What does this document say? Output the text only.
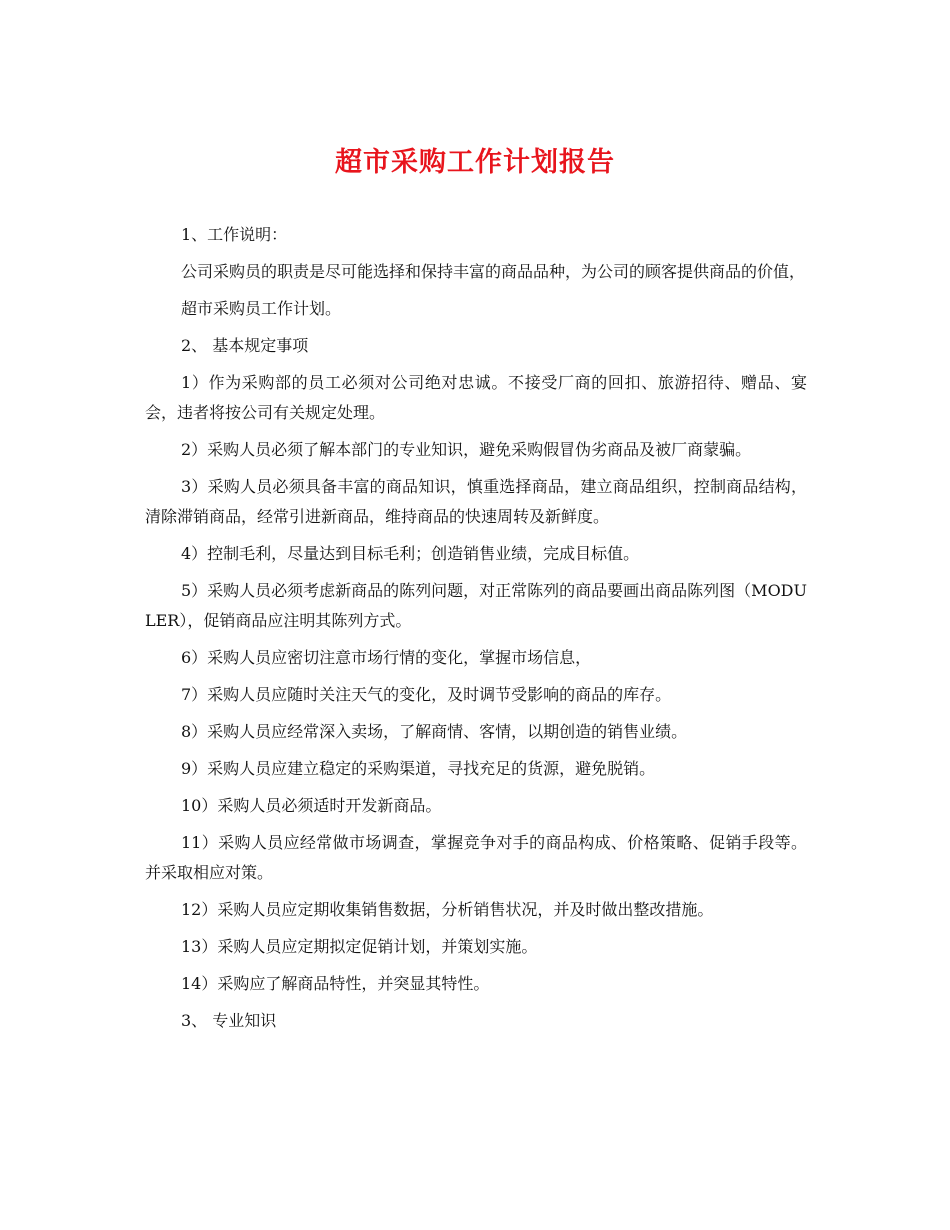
超市采购工作计划报告

1、工作说明：

公司采购员的职责是尽可能选择和保持丰富的商品品种，为公司的顾客提供商品的价值，

超市采购员工作计划。

2、 基本规定事项

1）作为采购部的员工必须对公司绝对忠诚。不接受厂商的回扣、旅游招待、赠品、宴会，违者将按公司有关规定处理。

2）采购人员必须了解本部门的专业知识，避免采购假冒伪劣商品及被厂商蒙骗。

3）采购人员必须具备丰富的商品知识，慎重选择商品，建立商品组织，控制商品结构，清除滞销商品，经常引进新商品，维持商品的快速周转及新鲜度。

4）控制毛利，尽量达到目标毛利；创造销售业绩，完成目标值。

5）采购人员必须考虑新商品的陈列问题，对正常陈列的商品要画出商品陈列图（MODULER），促销商品应注明其陈列方式。

6）采购人员应密切注意市场行情的变化，掌握市场信息，

7）采购人员应随时关注天气的变化，及时调节受影响的商品的库存。

8）采购人员应经常深入卖场，了解商情、客情，以期创造的销售业绩。

9）采购人员应建立稳定的采购渠道，寻找充足的货源，避免脱销。

10）采购人员必须适时开发新商品。

11）采购人员应经常做市场调查，掌握竞争对手的商品构成、价格策略、促销手段等。并采取相应对策。

12）采购人员应定期收集销售数据，分析销售状况，并及时做出整改措施。

13）采购人员应定期拟定促销计划，并策划实施。

14）采购应了解商品特性，并突显其特性。

3、 专业知识
